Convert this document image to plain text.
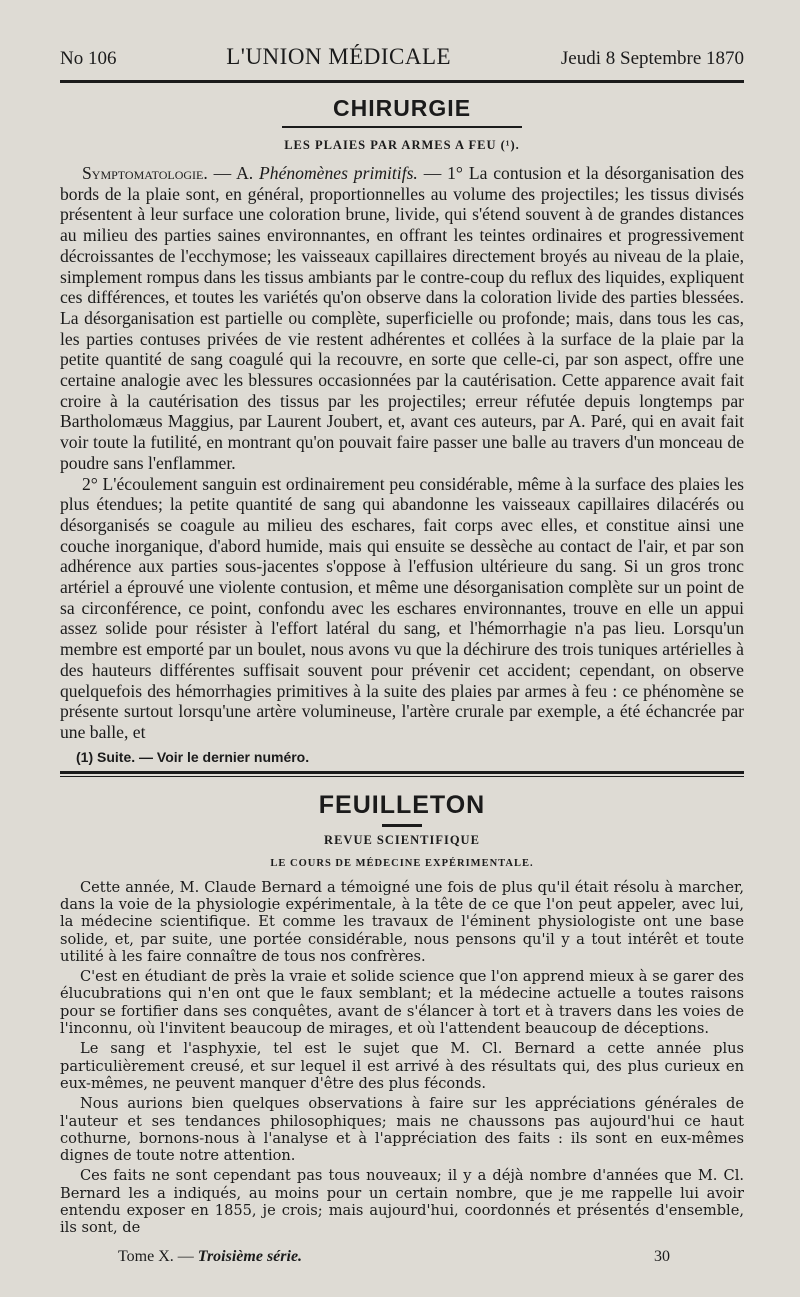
No 106	L'UNION MÉDICALE	Jeudi 8 Septembre 1870
CHIRURGIE
LES PLAIES PAR ARMES A FEU (¹).

Symptomatologie. — A. Phénomènes primitifs. — 1° La contusion et la désorganisation des bords de la plaie sont, en général, proportionnelles au volume des projectiles; les tissus divisés présentent à leur surface une coloration brune, livide, qui s'étend souvent à de grandes distances au milieu des parties saines environnantes, en offrant les teintes ordinaires et progressivement décroissantes de l'ecchymose; les vaisseaux capillaires directement broyés au niveau de la plaie, simplement rompus dans les tissus ambiants par le contre-coup du reflux des liquides, expliquent ces différences, et toutes les variétés qu'on observe dans la coloration livide des parties blessées. La désorganisation est partielle ou complète, superficielle ou profonde; mais, dans tous les cas, les parties contuses privées de vie restent adhérentes et collées à la surface de la plaie par la petite quantité de sang coagulé qui la recouvre, en sorte que celle-ci, par son aspect, offre une certaine analogie avec les blessures occasionnées par la cautérisation. Cette apparence avait fait croire à la cautérisation des tissus par les projectiles; erreur réfutée depuis longtemps par Bartholomæus Maggius, par Laurent Joubert, et, avant ces auteurs, par A. Paré, qui en avait fait voir toute la futilité, en montrant qu'on pouvait faire passer une balle au travers d'un monceau de poudre sans l'enflammer.

2° L'écoulement sanguin est ordinairement peu considérable, même à la surface des plaies les plus étendues; la petite quantité de sang qui abandonne les vaisseaux capillaires dilacérés ou désorganisés se coagule au milieu des eschares, fait corps avec elles, et constitue ainsi une couche inorganique, d'abord humide, mais qui ensuite se dessèche au contact de l'air, et par son adhérence aux parties sous-jacentes s'oppose à l'effusion ultérieure du sang. Si un gros tronc artériel a éprouvé une violente contusion, et même une désorganisation complète sur un point de sa circonférence, ce point, confondu avec les eschares environnantes, trouve en elle un appui assez solide pour résister à l'effort latéral du sang, et l'hémorrhagie n'a pas lieu. Lorsqu'un membre est emporté par un boulet, nous avons vu que la déchirure des trois tuniques artérielles à des hauteurs différentes suffisait souvent pour prévenir cet accident; cependant, on observe quelquefois des hémorrhagies primitives à la suite des plaies par armes à feu : ce phénomène se présente surtout lorsqu'une artère volumineuse, l'artère crurale par exemple, a été échancrée par une balle, et

(1) Suite. — Voir le dernier numéro.
FEUILLETON
REVUE SCIENTIFIQUE
LE COURS DE MÉDECINE EXPÉRIMENTALE.

Cette année, M. Claude Bernard a témoigné une fois de plus qu'il était résolu à marcher, dans la voie de la physiologie expérimentale, à la tête de ce que l'on peut appeler, avec lui, la médecine scientifique. Et comme les travaux de l'éminent physiologiste ont une base solide, et, par suite, une portée considérable, nous pensons qu'il y a tout intérêt et toute utilité à les faire connaître de tous nos confrères.

C'est en étudiant de près la vraie et solide science que l'on apprend mieux à se garer des élucubrations qui n'en ont que le faux semblant; et la médecine actuelle a toutes raisons pour se fortifier dans ses conquêtes, avant de s'élancer à tort et à travers dans les voies de l'inconnu, où l'invitent beaucoup de mirages, et où l'attendent beaucoup de déceptions.

Le sang et l'asphyxie, tel est le sujet que M. Cl. Bernard a cette année plus particulièrement creusé, et sur lequel il est arrivé à des résultats qui, des plus curieux en eux-mêmes, ne peuvent manquer d'être des plus féconds.

Nous aurions bien quelques observations à faire sur les appréciations générales de l'auteur et ses tendances philosophiques; mais ne chaussons pas aujourd'hui ce haut cothurne, bornons-nous à l'analyse et à l'appréciation des faits : ils sont en eux-mêmes dignes de toute notre attention.

Ces faits ne sont cependant pas tous nouveaux; il y a déjà nombre d'années que M. Cl. Bernard les a indiqués, au moins pour un certain nombre, que je me rappelle lui avoir entendu exposer en 1855, je crois; mais aujourd'hui, coordonnés et présentés d'ensemble, ils sont, de

Tome X. — Troisième série.	30
